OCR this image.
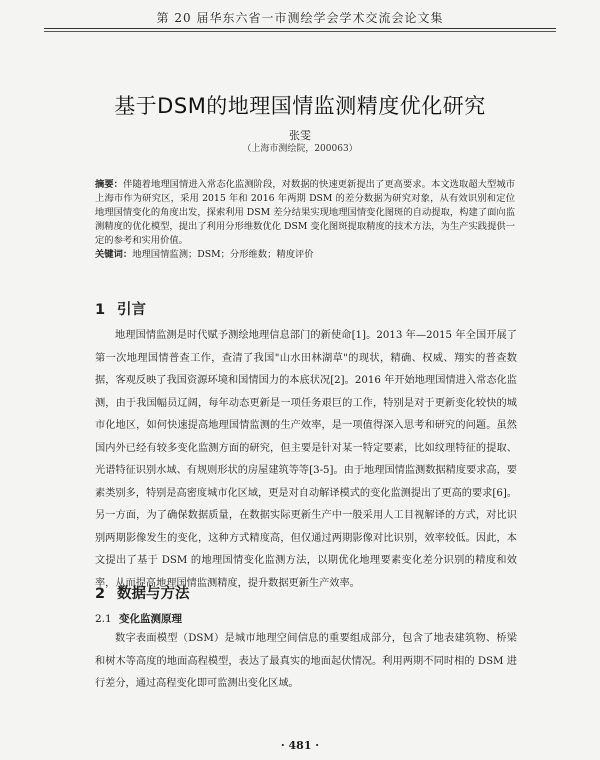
第 20 届华东六省一市测绘学会学术交流会论文集
基于DSM的地理国情监测精度优化研究
张雯
（上海市测绘院，200063）
摘要：伴随着地理国情进入常态化监测阶段，对数据的快速更新提出了更高要求。本文选取超大型城市上海市作为研究区，采用 2015 年和 2016 年两期 DSM 的差分数据为研究对象，从有效识别和定位地理国情变化的角度出发，探索利用 DSM 差分结果实现地理国情变化图斑的自动提取，构建了面向监测精度的优化模型，提出了利用分形维数优化 DSM 变化图斑提取精度的技术方法，为生产实践提供一定的参考和实用价值。
关键词：地理国情监测；DSM；分形维数；精度评价
1 引言
地理国情监测是时代赋予测绘地理信息部门的新使命[1]。2013 年—2015 年全国开展了第一次地理国情普查工作，查清了我国"山水田林湖草"的现状，精确、权威、翔实的普查数据，客观反映了我国资源环境和国情国力的本底状况[2]。2016 年开始地理国情进入常态化监测，由于我国幅员辽阔，每年动态更新是一项任务艰巨的工作，特别是对于更新变化较快的城市化地区，如何快速提高地理国情监测的生产效率，是一项值得深入思考和研究的问题。虽然国内外已经有较多变化监测方面的研究，但主要是针对某一特定要素，比如纹理特征的提取、光谱特征识别水域、有规则形状的房屋建筑等等[3-5]。由于地理国情监测数据精度要求高，要素类别多，特别是高密度城市化区域，更是对自动解译模式的变化监测提出了更高的要求[6]。另一方面，为了确保数据质量，在数据实际更新生产中一般采用人工目视解译的方式，对比识别两期影像发生的变化，这种方式精度高，但仅通过两期影像对比识别，效率较低。因此，本文提出了基于 DSM 的地理国情变化监测方法，以期优化地理要素变化差分识别的精度和效率，从而提高地理国情监测精度，提升数据更新生产效率。
2 数据与方法
2.1 变化监测原理
数字表面模型（DSM）是城市地理空间信息的重要组成部分，包含了地表建筑物、桥梁和树木等高度的地面高程模型，表达了最真实的地面起伏情况。利用两期不同时相的 DSM 进行差分，通过高程变化即可监测出变化区域。
· 481 ·
